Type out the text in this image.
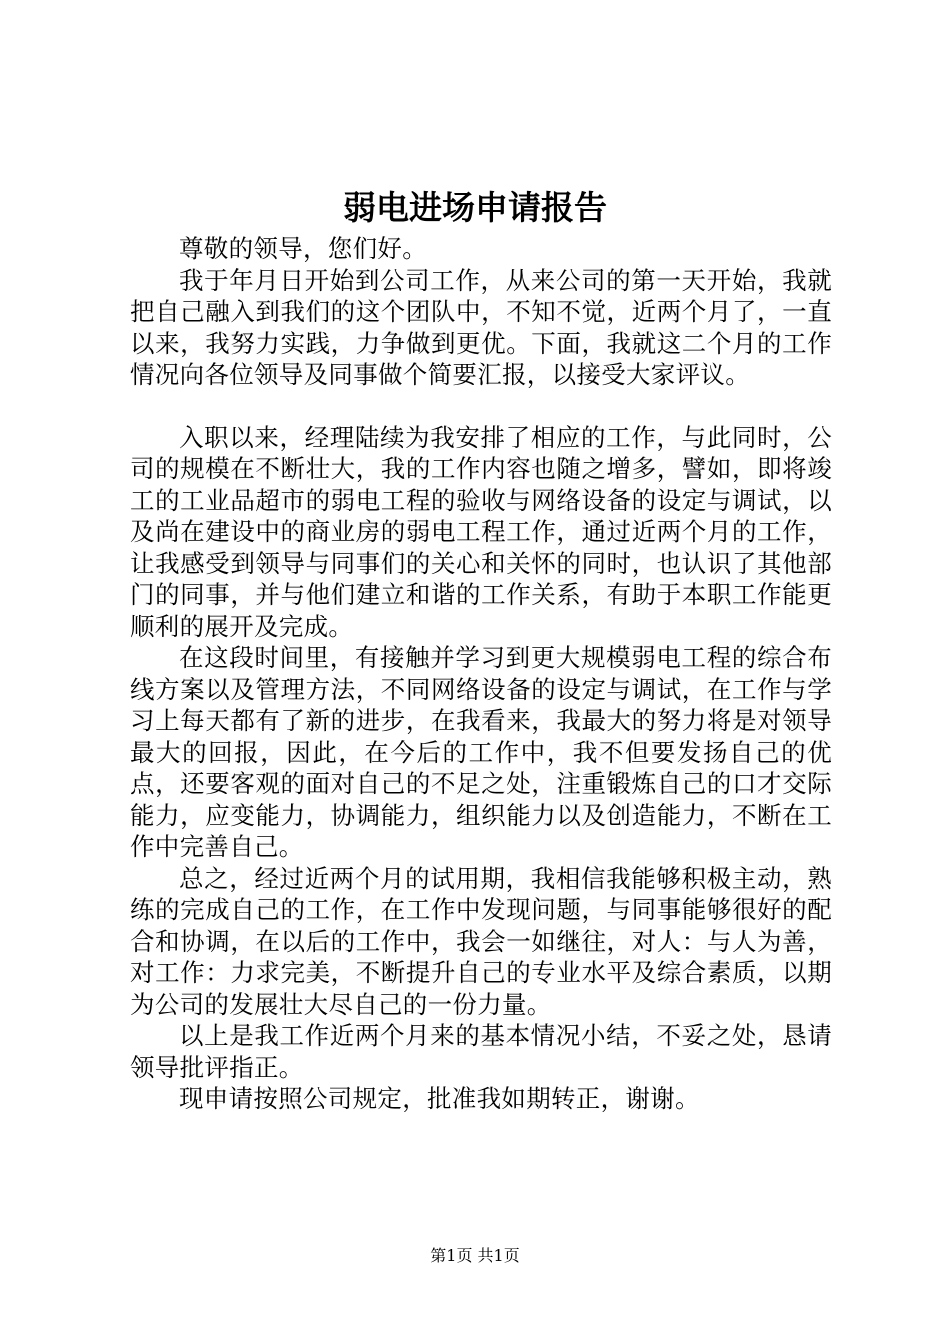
弱电进场申请报告

尊敬的领导，您们好。

我于年月日开始到公司工作，从来公司的第一天开始，我就把自己融入到我们的这个团队中，不知不觉，近两个月了，一直以来，我努力实践，力争做到更优。下面，我就这二个月的工作情况向各位领导及同事做个简要汇报，以接受大家评议。

入职以来，经理陆续为我安排了相应的工作，与此同时，公司的规模在不断壮大，我的工作内容也随之增多，譬如，即将竣工的工业品超市的弱电工程的验收与网络设备的设定与调试，以及尚在建设中的商业房的弱电工程工作，通过近两个月的工作，让我感受到领导与同事们的关心和关怀的同时，也认识了其他部门的同事，并与他们建立和谐的工作关系，有助于本职工作能更顺利的展开及完成。

在这段时间里，有接触并学习到更大规模弱电工程的综合布线方案以及管理方法，不同网络设备的设定与调试，在工作与学习上每天都有了新的进步，在我看来，我最大的努力将是对领导最大的回报，因此，在今后的工作中，我不但要发扬自己的优点，还要客观的面对自己的不足之处，注重锻炼自己的口才交际能力，应变能力，协调能力，组织能力以及创造能力，不断在工作中完善自己。

总之，经过近两个月的试用期，我相信我能够积极主动，熟练的完成自己的工作，在工作中发现问题，与同事能够很好的配合和协调，在以后的工作中，我会一如继往，对人：与人为善，对工作：力求完美，不断提升自己的专业水平及综合素质，以期为公司的发展壮大尽自己的一份力量。

以上是我工作近两个月来的基本情况小结，不妥之处，恳请领导批评指正。

现申请按照公司规定，批准我如期转正，谢谢。

第1页 共1页
